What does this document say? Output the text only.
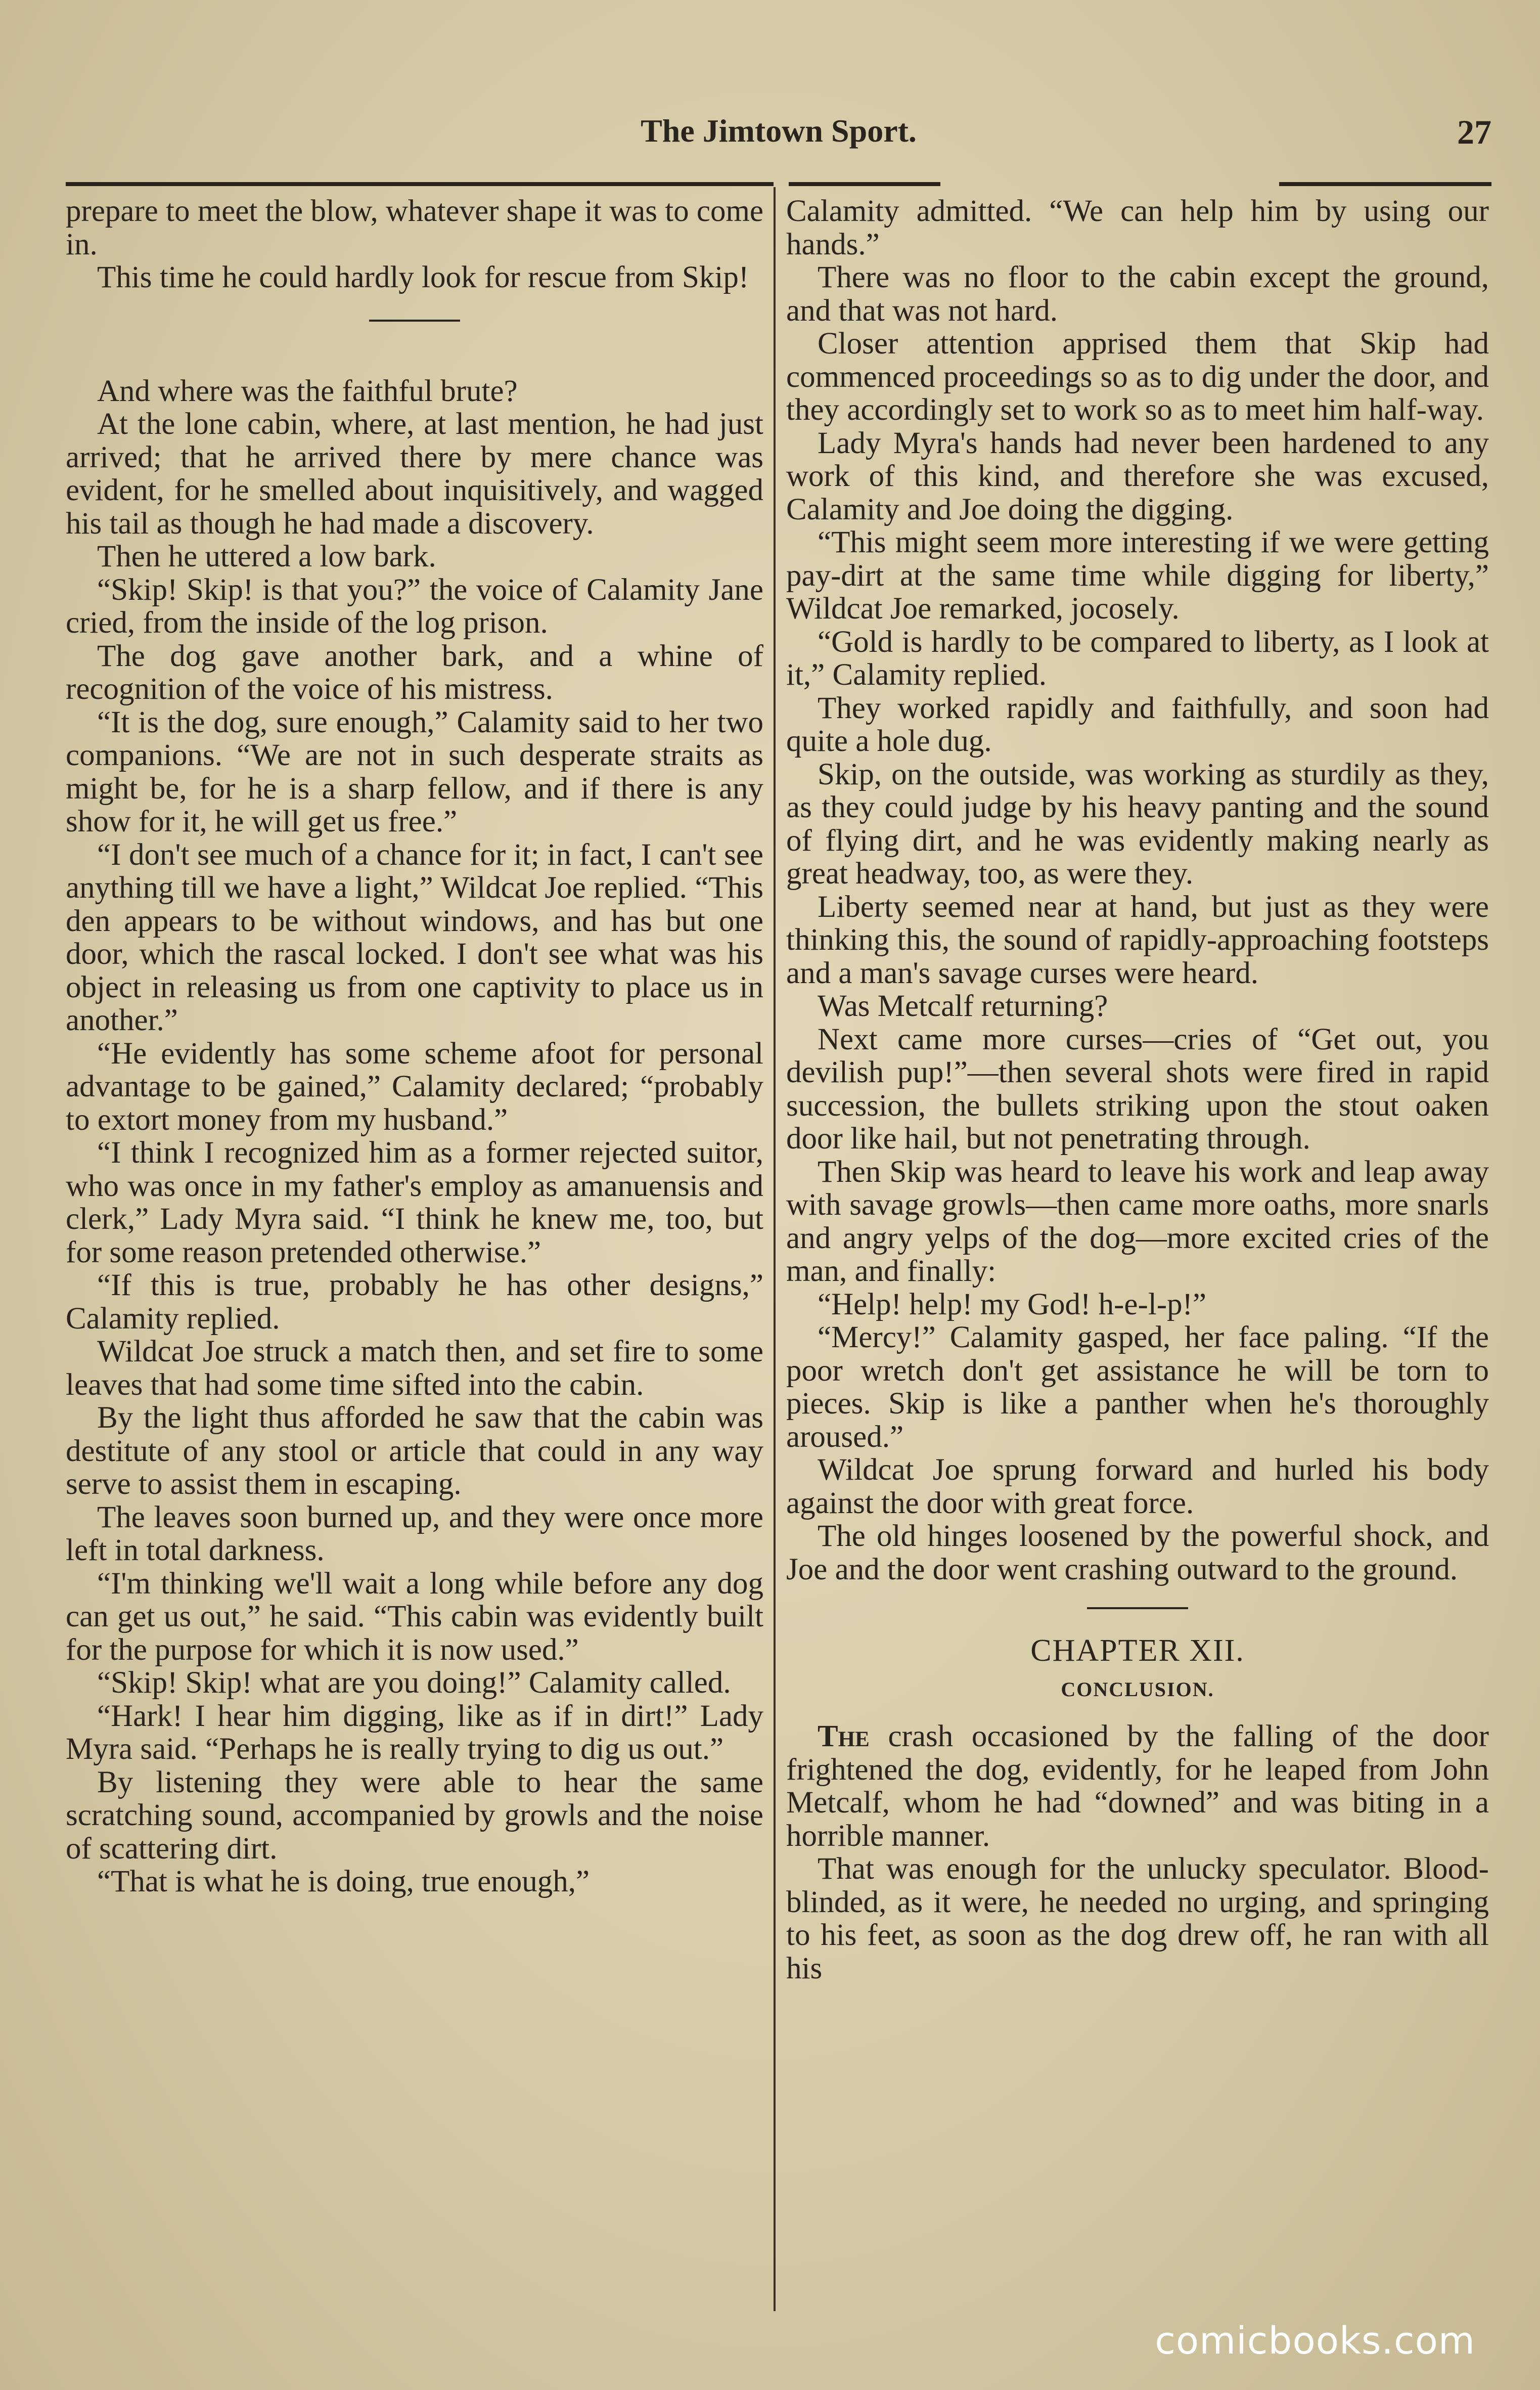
The Jimtown Sport.	27

prepare to meet the blow, whatever shape it was to come in.

This time he could hardly look for rescue from Skip!

And where was the faithful brute?

At the lone cabin, where, at last mention, he had just arrived; that he arrived there by mere chance was evident, for he smelled about inquisitively, and wagged his tail as though he had made a discovery.

Then he uttered a low bark.

“Skip! Skip! is that you?” the voice of Calamity Jane cried, from the inside of the log prison.

The dog gave another bark, and a whine of recognition of the voice of his mistress.

“It is the dog, sure enough,” Calamity said to her two companions. “We are not in such desperate straits as might be, for he is a sharp fellow, and if there is any show for it, he will get us free.”

“I don't see much of a chance for it; in fact, I can't see anything till we have a light,” Wildcat Joe replied. “This den appears to be without windows, and has but one door, which the rascal locked. I don't see what was his object in releasing us from one captivity to place us in another.”

“He evidently has some scheme afoot for personal advantage to be gained,” Calamity declared; “probably to extort money from my husband.”

“I think I recognized him as a former rejected suitor, who was once in my father's employ as amanuensis and clerk,” Lady Myra said. “I think he knew me, too, but for some reason pretended otherwise.”

“If this is true, probably he has other designs,” Calamity replied.

Wildcat Joe struck a match then, and set fire to some leaves that had some time sifted into the cabin.

By the light thus afforded he saw that the cabin was destitute of any stool or article that could in any way serve to assist them in escaping.

The leaves soon burned up, and they were once more left in total darkness.

“I'm thinking we'll wait a long while before any dog can get us out,” he said. “This cabin was evidently built for the purpose for which it is now used.”

“Skip! Skip! what are you doing!” Calamity called.

“Hark! I hear him digging, like as if in dirt!” Lady Myra said. “Perhaps he is really trying to dig us out.”

By listening they were able to hear the same scratching sound, accompanied by growls and the noise of scattering dirt.

“That is what he is doing, true enough,”

Calamity admitted. “We can help him by using our hands.”

There was no floor to the cabin except the ground, and that was not hard.

Closer attention apprised them that Skip had commenced proceedings so as to dig under the door, and they accordingly set to work so as to meet him half-way.

Lady Myra's hands had never been hardened to any work of this kind, and therefore she was excused, Calamity and Joe doing the digging.

“This might seem more interesting if we were getting pay-dirt at the same time while digging for liberty,” Wildcat Joe remarked, jocosely.

“Gold is hardly to be compared to liberty, as I look at it,” Calamity replied.

They worked rapidly and faithfully, and soon had quite a hole dug.

Skip, on the outside, was working as sturdily as they, as they could judge by his heavy panting and the sound of flying dirt, and he was evidently making nearly as great headway, too, as were they.

Liberty seemed near at hand, but just as they were thinking this, the sound of rapidly-approaching footsteps and a man's savage curses were heard.

Was Metcalf returning?

Next came more curses—cries of “Get out, you devilish pup!”—then several shots were fired in rapid succession, the bullets striking upon the stout oaken door like hail, but not penetrating through.

Then Skip was heard to leave his work and leap away with savage growls—then came more oaths, more snarls and angry yelps of the dog—more excited cries of the man, and finally:

“Help! help! my God! h-e-l-p!”

“Mercy!” Calamity gasped, her face paling. “If the poor wretch don't get assistance he will be torn to pieces. Skip is like a panther when he's thoroughly aroused.”

Wildcat Joe sprung forward and hurled his body against the door with great force.

The old hinges loosened by the powerful shock, and Joe and the door went crashing outward to the ground.

CHAPTER XII.
CONCLUSION.

The crash occasioned by the falling of the door frightened the dog, evidently, for he leaped from John Metcalf, whom he had “downed” and was biting in a horrible manner.

That was enough for the unlucky speculator. Blood-blinded, as it were, he needed no urging, and springing to his feet, as soon as the dog drew off, he ran with all his

comicbooks.com
